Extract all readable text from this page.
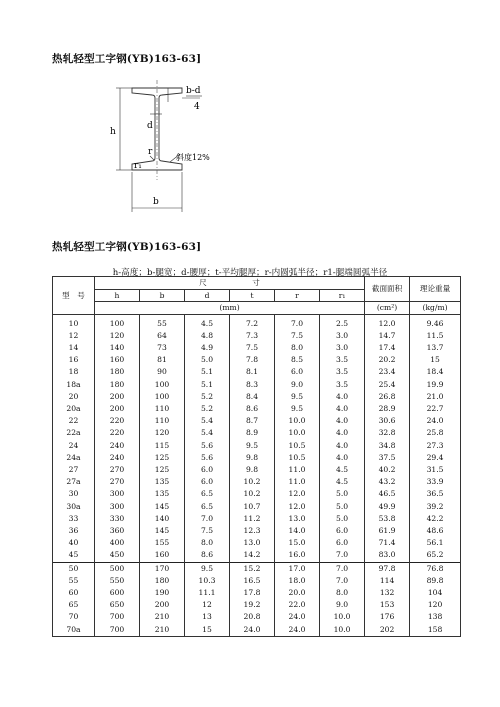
热轧轻型工字钢(YB)163-63]
b-d
4
h
d
r
r₁
斜度12%
b
热轧轻型工字钢(YB)163-63]
h-高度；b-腿宽；d-腰厚；t-平均腿厚；r-内圆弧半径；r1-腿端圆弧半径
型　号	尺　　　　　　寸						截面面积	理论重量
	h	b	d	t	r	r₁		
	(mm)						(cm²)	(kg/m)

10	100	55	4.5	7.2	7.0	2.5	12.0	9.46
12	120	64	4.8	7.3	7.5	3.0	14.7	11.5
14	140	73	4.9	7.5	8.0	3.0	17.4	13.7
16	160	81	5.0	7.8	8.5	3.5	20.2	15
18	180	90	5.1	8.1	6.0	3.5	23.4	18.4
18a	180	100	5.1	8.3	9.0	3.5	25.4	19.9
20	200	100	5.2	8.4	9.5	4.0	26.8	21.0
20a	200	110	5.2	8.6	9.5	4.0	28.9	22.7
22	220	110	5.4	8.7	10.0	4.0	30.6	24.0
22a	220	120	5.4	8.9	10.0	4.0	32.8	25.8
24	240	115	5.6	9.5	10.5	4.0	34.8	27.3
24a	240	125	5.6	9.8	10.5	4.0	37.5	29.4
27	270	125	6.0	9.8	11.0	4.5	40.2	31.5
27a	270	135	6.0	10.2	11.0	4.5	43.2	33.9
30	300	135	6.5	10.2	12.0	5.0	46.5	36.5
30a	300	145	6.5	10.7	12.0	5.0	49.9	39.2
33	330	140	7.0	11.2	13.0	5.0	53.8	42.2
36	360	145	7.5	12.3	14.0	6.0	61.9	48.6
40	400	155	8.0	13.0	15.0	6.0	71.4	56.1
45	450	160	8.6	14.2	16.0	7.0	83.0	65.2
50	500	170	9.5	15.2	17.0	7.0	97.8	76.8
55	550	180	10.3	16.5	18.0	7.0	114	89.8
60	600	190	11.1	17.8	20.0	8.0	132	104
65	650	200	12	19.2	22.0	9.0	153	120
70	700	210	13	20.8	24.0	10.0	176	138
70a	700	210	15	24.0	24.0	10.0	202	158
